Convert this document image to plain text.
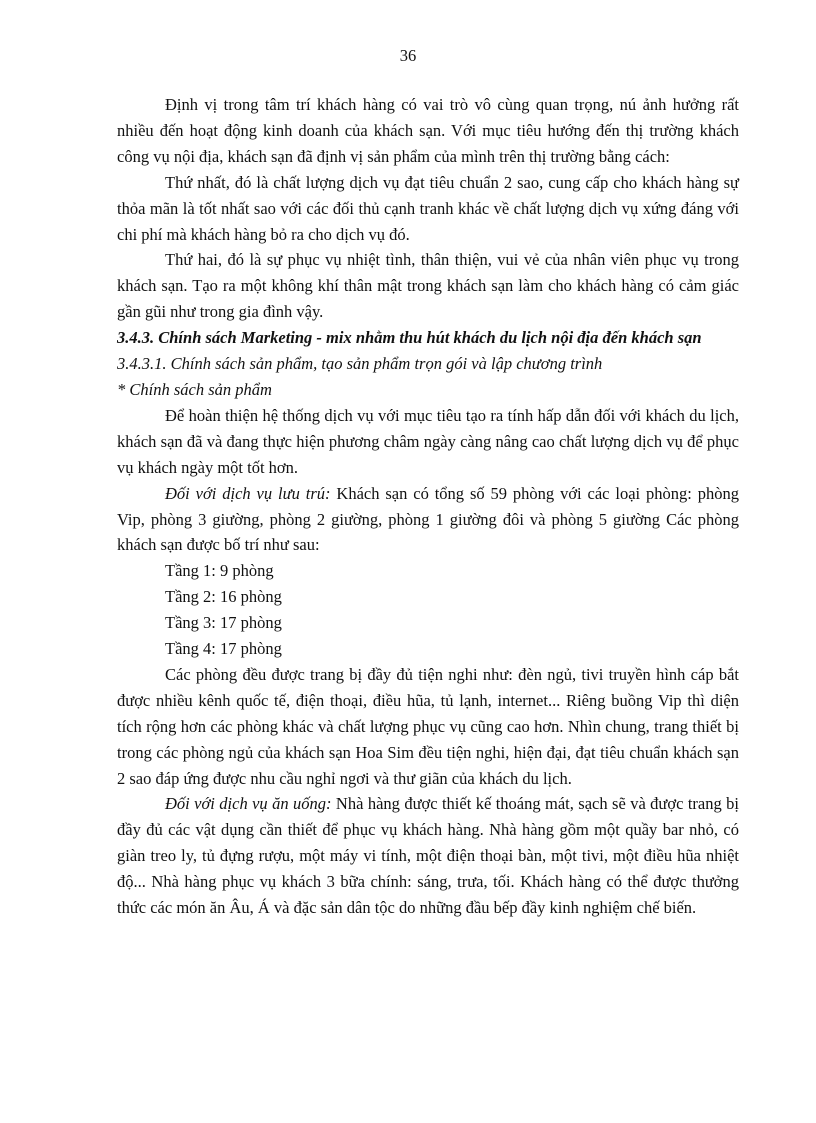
36

Định vị trong tâm trí khách hàng có vai trò vô cùng quan trọng, nú ảnh hưởng rất nhiều đến hoạt động kinh doanh của khách sạn. Với mục tiêu hướng đến thị trường khách công vụ nội địa, khách sạn đã định vị sản phẩm của mình trên thị trường bằng cách:

Thứ nhất, đó là chất lượng dịch vụ đạt tiêu chuẩn 2 sao, cung cấp cho khách hàng sự thỏa mãn là tốt nhất sao với các đối thủ cạnh tranh khác về chất lượng dịch vụ xứng đáng với chi phí mà khách hàng bỏ ra cho dịch vụ đó.

Thứ hai, đó là sự phục vụ nhiệt tình, thân thiện, vui vẻ của nhân viên phục vụ trong khách sạn. Tạo ra một không khí thân mật trong khách sạn làm cho khách hàng có cảm giác gần gũi như trong gia đình vậy.

3.4.3. Chính sách Marketing - mix nhằm thu hút khách du lịch nội địa đến khách sạn

3.4.3.1. Chính sách sản phẩm, tạo sản phẩm trọn gói và lập chương trình

* Chính sách sản phẩm

Để hoàn thiện hệ thống dịch vụ với mục tiêu tạo ra tính hấp dẫn đối với khách du lịch, khách sạn đã và đang thực hiện phương châm ngày càng nâng cao chất lượng dịch vụ để phục vụ khách ngày một tốt hơn.

Đối với dịch vụ lưu trú: Khách sạn có tổng số 59 phòng với các loại phòng: phòng Vip, phòng 3 giường, phòng 2 giường, phòng 1 giường đôi và phòng 5 giường Các phòng khách sạn được bố trí như sau:

Tầng 1: 9 phòng

Tầng 2: 16 phòng

Tầng 3: 17 phòng

Tầng 4: 17 phòng

Các phòng đều được trang bị đầy đủ tiện nghi như: đèn ngủ, tivi truyền hình cáp bắt được nhiều kênh quốc tế, điện thoại, điều hũa, tủ lạnh, internet... Riêng buồng Vip thì diện tích rộng hơn các phòng khác và chất lượng phục vụ cũng cao hơn. Nhìn chung, trang thiết bị trong các phòng ngủ của khách sạn Hoa Sim đều tiện nghi, hiện đại, đạt tiêu chuẩn khách sạn 2 sao đáp ứng được nhu cầu nghỉ ngơi và thư giãn của khách du lịch.

Đối với dịch vụ ăn uống: Nhà hàng được thiết kế thoáng mát, sạch sẽ và được trang bị đầy đủ các vật dụng cần thiết để phục vụ khách hàng. Nhà hàng gồm một quầy bar nhỏ, có giàn treo ly, tủ đựng rượu, một máy vi tính, một điện thoại bàn, một tivi, một điều hũa nhiệt độ... Nhà hàng phục vụ khách 3 bữa chính: sáng, trưa, tối. Khách hàng có thể được thưởng thức các món ăn Âu, Á và đặc sản dân tộc do những đầu bếp đầy kinh nghiệm chế biến.
